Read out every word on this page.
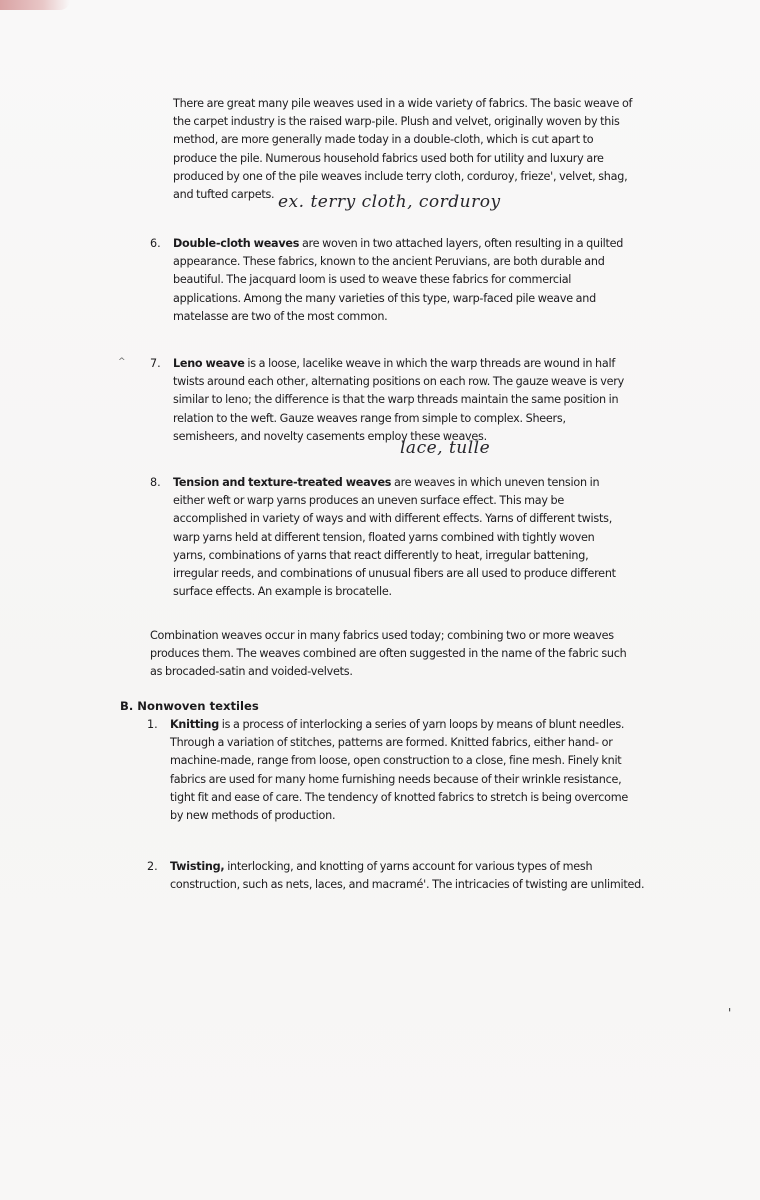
There are great many pile weaves used in a wide variety of fabrics. The basic weave of the carpet industry is the raised warp-pile. Plush and velvet, originally woven by this method, are more generally made today in a double-cloth, which is cut apart to produce the pile. Numerous household fabrics used both for utility and luxury are produced by one of the pile weaves include terry cloth, corduroy, frieze', velvet, shag, and tufted carpets. ex. terry cloth, corduroy
6. Double-cloth weaves are woven in two attached layers, often resulting in a quilted appearance. These fabrics, known to the ancient Peruvians, are both durable and beautiful. The jacquard loom is used to weave these fabrics for commercial applications. Among the many varieties of this type, warp-faced pile weave and matelasse are two of the most common.
^ 7. Leno weave is a loose, lacelike weave in which the warp threads are wound in half twists around each other, alternating positions on each row. The gauze weave is very similar to leno; the difference is that the warp threads maintain the same position in relation to the weft. Gauze weaves range from simple to complex. Sheers, semisheers, and novelty casements employ these weaves.
lace, tulle
8. Tension and texture-treated weaves are weaves in which uneven tension in either weft or warp yarns produces an uneven surface effect. This may be accomplished in variety of ways and with different effects. Yarns of different twists, warp yarns held at different tension, floated yarns combined with tightly woven yarns, combinations of yarns that react differently to heat, irregular battening, irregular reeds, and combinations of unusual fibers are all used to produce different surface effects. An example is brocatelle.
Combination weaves occur in many fabrics used today; combining two or more weaves produces them. The weaves combined are often suggested in the name of the fabric such as brocaded-satin and voided-velvets.
B. Nonwoven textiles
1. Knitting is a process of interlocking a series of yarn loops by means of blunt needles. Through a variation of stitches, patterns are formed. Knitted fabrics, either hand- or machine-made, range from loose, open construction to a close, fine mesh. Finely knit fabrics are used for many home furnishing needs because of their wrinkle resistance, tight fit and ease of care. The tendency of knotted fabrics to stretch is being overcome by new methods of production.
2. Twisting, interlocking, and knotting of yarns account for various types of mesh construction, such as nets, laces, and macramé'. The intricacies of twisting are unlimited.
'
